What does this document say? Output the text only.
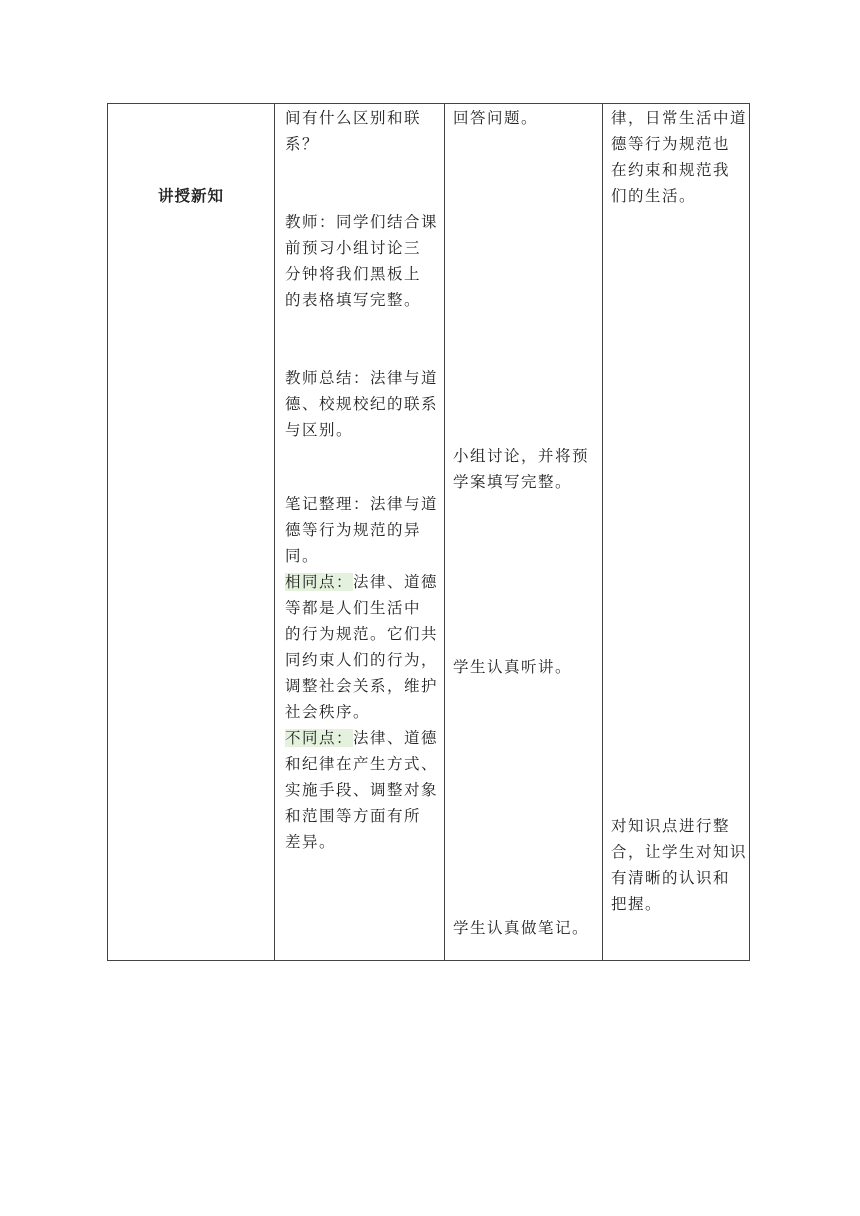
讲授新知
间有什么区别和联
系？
教师：同学们结合课
前预习小组讨论三
分钟将我们黑板上
的表格填写完整。
教师总结：法律与道
德、校规校纪的联系
与区别。
笔记整理：法律与道
德等行为规范的异
同。
相同点：法律、道德
等都是人们生活中
的行为规范。它们共
同约束人们的行为，
调整社会关系，维护
社会秩序。
不同点：法律、道德
和纪律在产生方式、
实施手段、调整对象
和范围等方面有所
差异。
回答问题。
小组讨论，并将预
学案填写完整。
学生认真听讲。
学生认真做笔记。
律，日常生活中道
德等行为规范也
在约束和规范我
们的生活。
对知识点进行整
合，让学生对知识
有清晰的认识和
把握。
